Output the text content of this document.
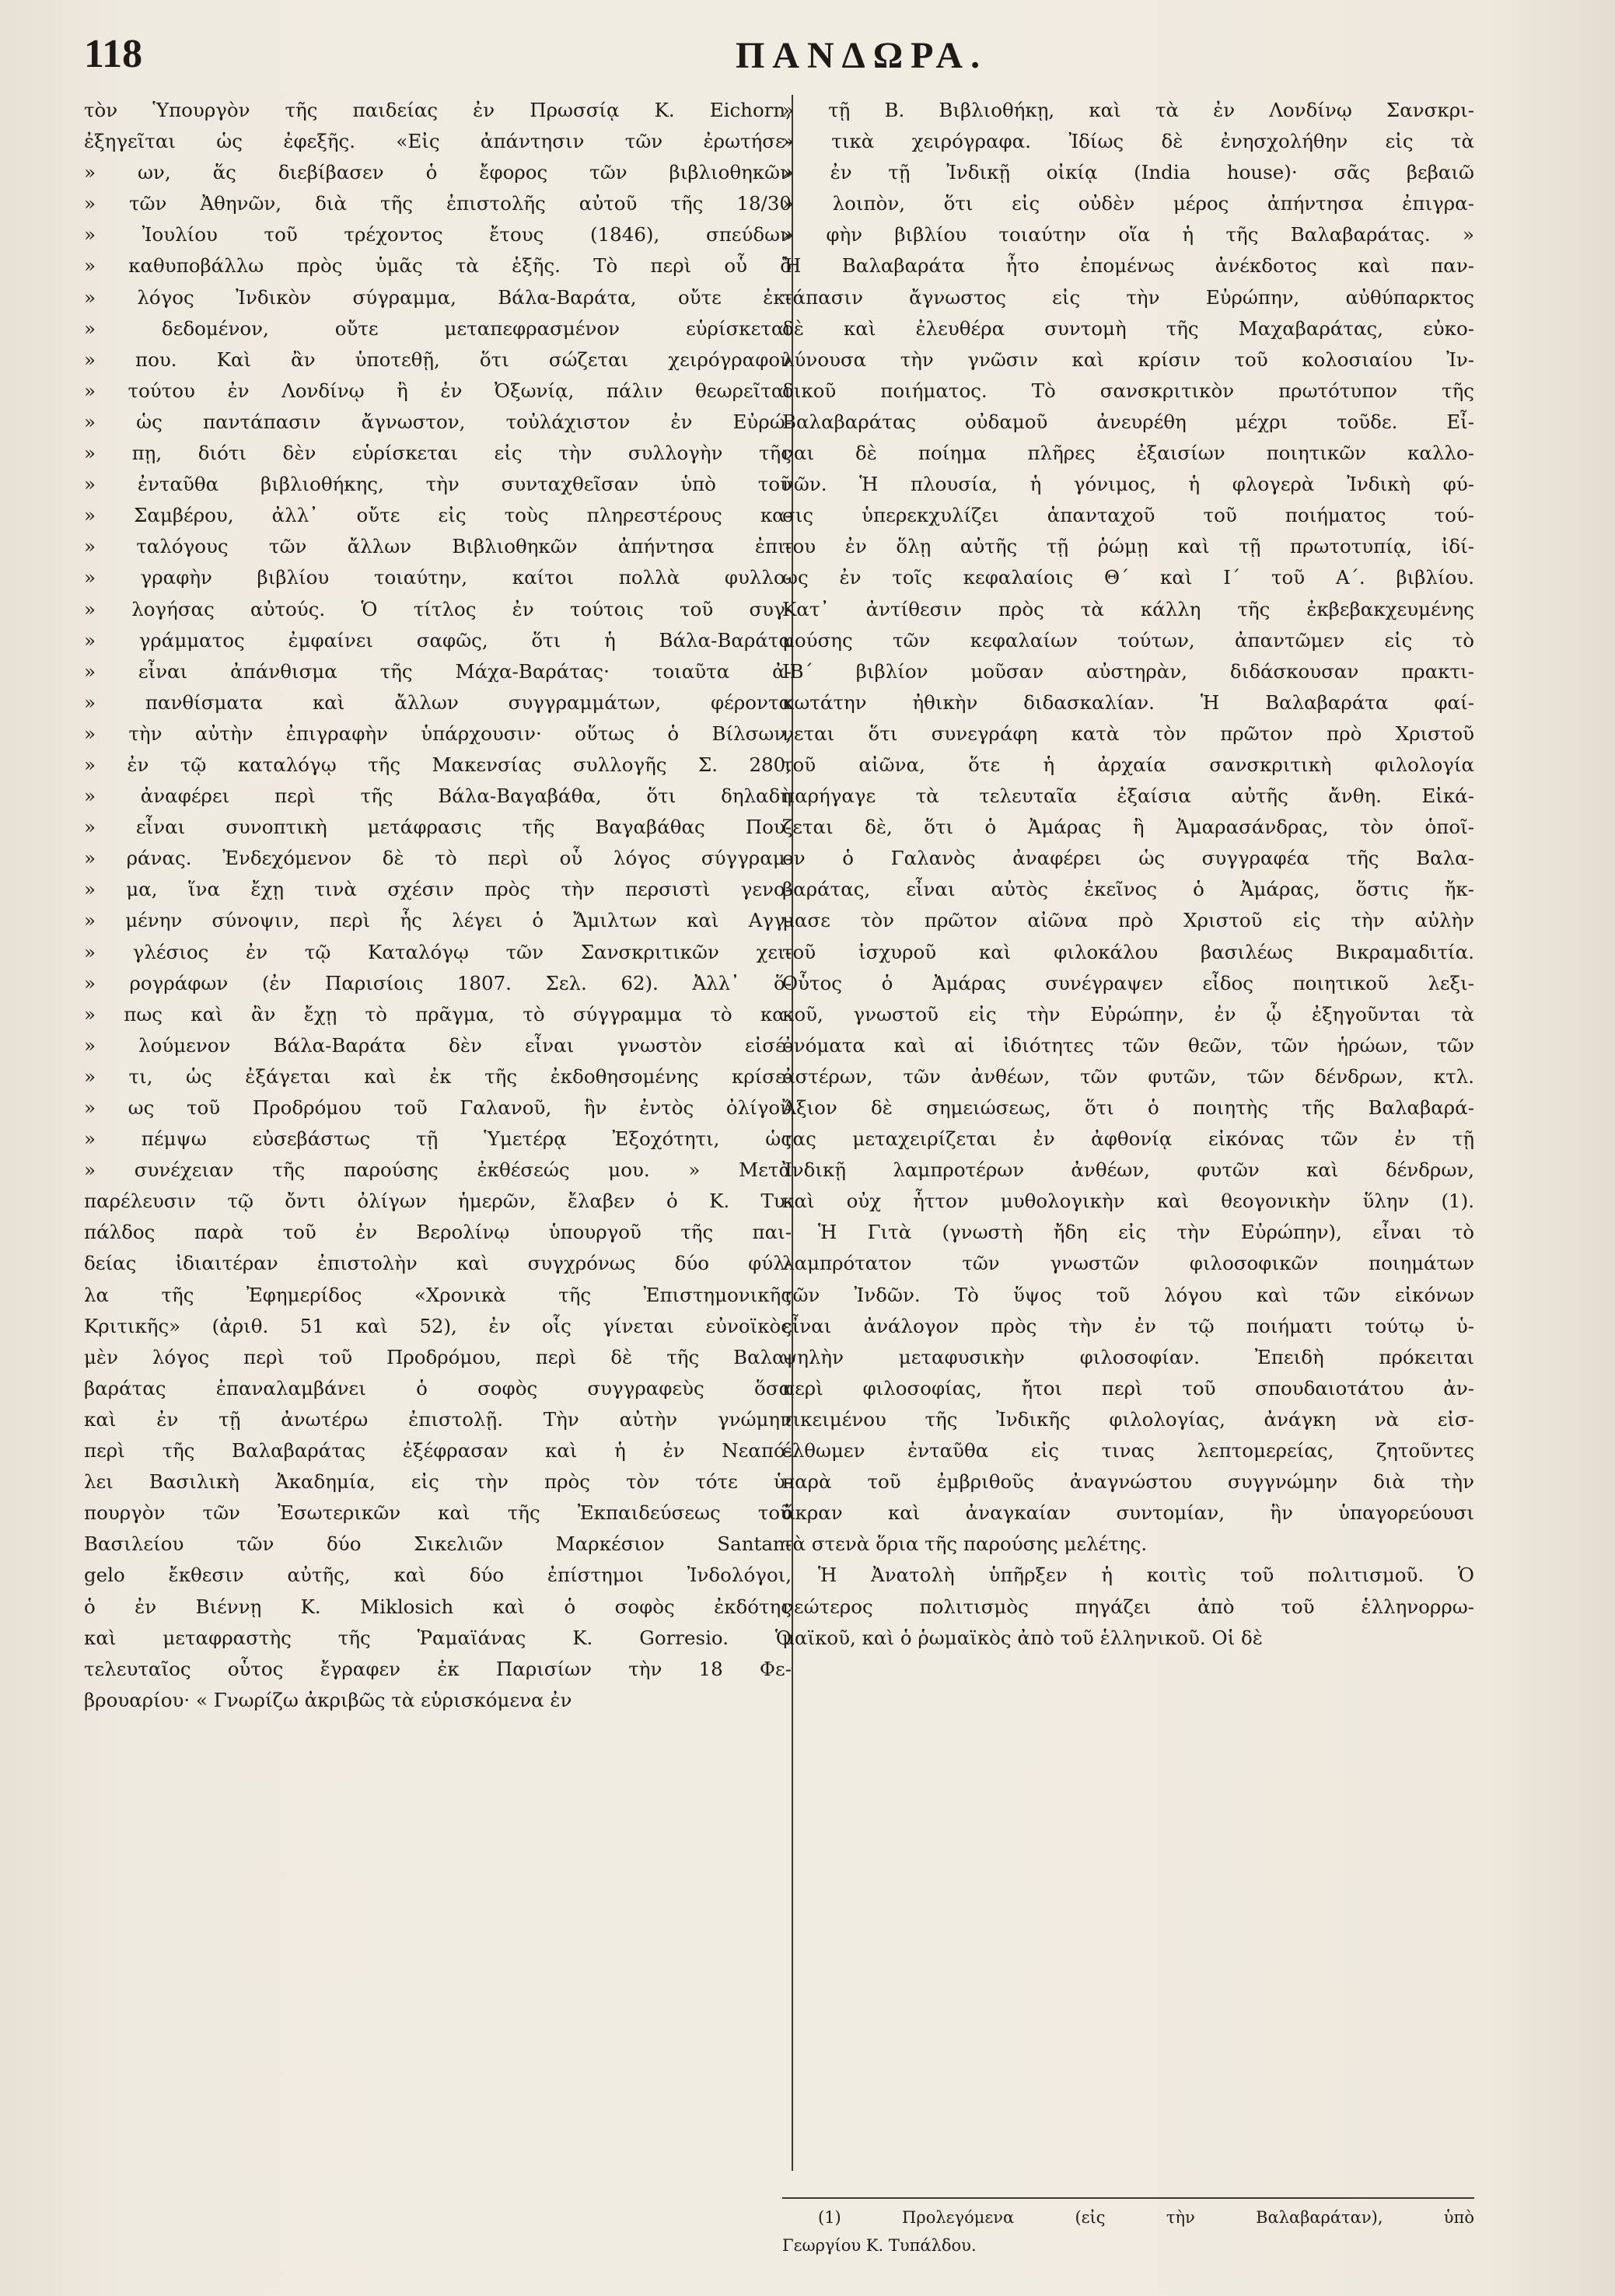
118	ΠΑΝΔΩΡΑ.
τὸν Ὑπουργὸν τῆς παιδείας ἐν Πρωσσίᾳ Κ. Eichorn,
ἐξηγεῖται ὡς ἐφεξῆς. «Εἰς ἀπάντησιν τῶν ἐρωτήσε-
» ων, ἅς διεβίβασεν ὁ ἔφορος τῶν βιβλιοθηκῶν
» τῶν Ἀθηνῶν, διὰ τῆς ἐπιστολῆς αὐτοῦ τῆς 18/30
» Ἰουλίου τοῦ τρέχοντος ἔτους (1846), σπεύδων
» καθυποβάλλω πρὸς ὑμᾶς τὰ ἑξῆς. Τὸ περὶ οὗ ὁ
» λόγος Ἰνδικὸν σύγραμμα, Βάλα-Βαράτα, οὔτε ἐκ-
» δεδομένον, οὔτε μεταπεφρασμένον εὑρίσκεται
» που. Καὶ ἂν ὑποτεθῇ, ὅτι σώζεται χειρόγραφον
» τούτου ἐν Λονδίνῳ ἢ ἐν Ὀξωνίᾳ, πάλιν θεωρεῖται
» ὡς παντάπασιν ἄγνωστον, τοὐλάχιστον ἐν Εὐρώ-
» πῃ, διότι δὲν εὑρίσκεται εἰς τὴν συλλογὴν τῆς
» ἐνταῦθα βιβλιοθήκης, τὴν συνταχθεῖσαν ὑπὸ τοῦ
» Σαμβέρου, ἀλλ᾽ οὔτε εἰς τοὺς πληρεστέρους κα-
» ταλόγους τῶν ἄλλων Βιβλιοθηκῶν ἀπήντησα ἐπι-
» γραφὴν βιβλίου τοιαύτην, καίτοι πολλὰ φυλλο-
» λογήσας αὐτούς. Ὁ τίτλος ἐν τούτοις τοῦ συγ-
» γράμματος ἐμφαίνει σαφῶς, ὅτι ἡ Βάλα-Βαράτα
» εἶναι ἀπάνθισμα τῆς Μάχα-Βαράτας· τοιαῦτα ἀ-
» πανθίσματα καὶ ἄλλων συγγραμμάτων, φέροντα
» τὴν αὐτὴν ἐπιγραφὴν ὑπάρχουσιν· οὕτως ὁ Βίλσων,
» ἐν τῷ καταλόγῳ τῆς Μακενσίας συλλογῆς Σ. 280,
» ἀναφέρει περὶ τῆς Βάλα-Βαγαβάθα, ὅτι δηλαδὴ
» εἶναι συνοπτικὴ μετάφρασις τῆς Βαγαβάθας Που-
» ράνας. Ἐνδεχόμενον δὲ τὸ περὶ οὗ λόγος σύγγραμ-
» μα, ἵνα ἔχῃ τινὰ σχέσιν πρὸς τὴν περσιστὶ γενο-
» μένην σύνοψιν, περὶ ἧς λέγει ὁ Ἄμιλτων καὶ Αγγ-
» γλέσιος ἐν τῷ Καταλόγῳ τῶν Σανσκριτικῶν χει-
» ρογράφων (ἐν Παρισίοις 1807. Σελ. 62). Ἀλλ᾽ ὅ-
» πως καὶ ἂν ἔχῃ τὸ πρᾶγμα, τὸ σύγγραμμα τὸ κα-
» λούμενον Βάλα-Βαράτα δὲν εἶναι γνωστὸν εἰσέ-
» τι, ὡς ἐξάγεται καὶ ἐκ τῆς ἐκδοθησομένης κρίσε-
» ως τοῦ Προδρόμου τοῦ Γαλανοῦ, ἣν ἐντὸς ὀλίγου
» πέμψω εὐσεβάστως τῇ Ὑμετέρᾳ Ἐξοχότητι, ὡς
» συνέχειαν τῆς παρούσης ἐκθέσεώς μου. » Μετὰ
παρέλευσιν τῷ ὄντι ὀλίγων ἡμερῶν, ἔλαβεν ὁ Κ. Τυ-
πάλδος παρὰ τοῦ ἐν Βερολίνῳ ὑπουργοῦ τῆς παι-
δείας ἰδιαιτέραν ἐπιστολὴν καὶ συγχρόνως δύο φύλ-
λα τῆς Ἐφημερίδος «Χρονικὰ τῆς Ἐπιστημονικῆς
Κριτικῆς» (ἀριθ. 51 καὶ 52), ἐν οἷς γίνεται εὐνοϊκὸς
μὲν λόγος περὶ τοῦ Προδρόμου, περὶ δὲ τῆς Βαλα-
βαράτας ἐπαναλαμβάνει ὁ σοφὸς συγγραφεὺς ὅσα
καὶ ἐν τῇ ἀνωτέρω ἐπιστολῇ. Τὴν αὐτὴν γνώμην
περὶ τῆς Βαλαβαράτας ἐξέφρασαν καὶ ἡ ἐν Νεαπό-
λει Βασιλικὴ Ἀκαδημία, εἰς τὴν πρὸς τὸν τότε ὑ-
πουργὸν τῶν Ἐσωτερικῶν καὶ τῆς Ἐκπαιδεύσεως τοῦ
Βασιλείου τῶν δύο Σικελιῶν Μαρκέσιον Santan-
gelo ἔκθεσιν αὐτῆς, καὶ δύο ἐπίστημοι Ἰνδολόγοι,
ὁ ἐν Βιέννῃ Κ. Miklosich καὶ ὁ σοφὸς ἐκδότης
καὶ μεταφραστὴς τῆς Ῥαμαϊάνας Κ. Gorresio. Ὁ
τελευταῖος οὗτος ἔγραφεν ἐκ Παρισίων τὴν 18 Φε-
βρουαρίου· « Γνωρίζω ἀκριβῶς τὰ εὑρισκόμενα ἐν
» τῇ Β. Βιβλιοθήκῃ, καὶ τὰ ἐν Λονδίνῳ Σανσκρι-
» τικὰ χειρόγραφα. Ἰδίως δὲ ἐνησχολήθην εἰς τὰ
» ἐν τῇ Ἰνδικῇ οἰκίᾳ (India house)· σᾶς βεβαιῶ
» λοιπὸν, ὅτι εἰς οὐδὲν μέρος ἀπήντησα ἐπιγρα-
» φὴν βιβλίου τοιαύτην οἵα ἡ τῆς Βαλαβαράτας. »
Ἡ Βαλαβαράτα ἦτο ἐπομένως ἀνέκδοτος καὶ παν-
τάπασιν ἄγνωστος εἰς τὴν Εὐρώπην, αὐθύπαρκτος
δὲ καὶ ἐλευθέρα συντομὴ τῆς Μαχαβαράτας, εὐκο-
λύνουσα τὴν γνῶσιν καὶ κρίσιν τοῦ κολοσιαίου Ἰν-
δικοῦ ποιήματος. Τὸ σανσκριτικὸν πρωτότυπον τῆς
Βαλαβαράτας οὐδαμοῦ ἀνευρέθη μέχρι τοῦδε. Εἶ-
ναι δὲ ποίημα πλῆρες ἐξαισίων ποιητικῶν καλλο-
νῶν. Ἡ πλουσία, ἡ γόνιμος, ἡ φλογερὰ Ἰνδικὴ φύ-
σις ὑπερεκχυλίζει ἁπανταχοῦ τοῦ ποιήματος τού-
του ἐν ὅλῃ αὐτῆς τῇ ῥώμῃ καὶ τῇ πρωτοτυπίᾳ, ἰδί-
ως ἐν τοῖς κεφαλαίοις Θ´ καὶ Ι´ τοῦ Α´. βιβλίου.
Κατ᾽ ἀντίθεσιν πρὸς τὰ κάλλη τῆς ἐκβεβακχευμένης
μούσης τῶν κεφαλαίων τούτων, ἀπαντῶμεν εἰς τὸ
ΙΒ´ βιβλίον μοῦσαν αὐστηρὰν, διδάσκουσαν πρακτι-
κωτάτην ἠθικὴν διδασκαλίαν. Ἡ Βαλαβαράτα φαί-
νεται ὅτι συνεγράφη κατὰ τὸν πρῶτον πρὸ Χριστοῦ
τοῦ αἰῶνα, ὅτε ἡ ἀρχαία σανσκριτικὴ φιλολογία
παρήγαγε τὰ τελευταῖα ἐξαίσια αὐτῆς ἄνθη. Εἰκά-
ζεται δὲ, ὅτι ὁ Ἀμάρας ἢ Ἀμαρασάνδρας, τὸν ὁποῖ-
ον ὁ Γαλανὸς ἀναφέρει ὡς συγγραφέα τῆς Βαλα-
βαράτας, εἶναι αὐτὸς ἐκεῖνος ὁ Ἀμάρας, ὅστις ἤκ-
μασε τὸν πρῶτον αἰῶνα πρὸ Χριστοῦ εἰς τὴν αὐλὴν
τοῦ ἰσχυροῦ καὶ φιλοκάλου βασιλέως Βικραμαδιτία.
Οὗτος ὁ Ἀμάρας συνέγραψεν εἶδος ποιητικοῦ λεξι-
κοῦ, γνωστοῦ εἰς τὴν Εὐρώπην, ἐν ᾧ ἐξηγοῦνται τὰ
ὀνόματα καὶ αἱ ἰδιότητες τῶν θεῶν, τῶν ἡρώων, τῶν
ἀστέρων, τῶν ἀνθέων, τῶν φυτῶν, τῶν δένδρων, κτλ.
Ἄξιον δὲ σημειώσεως, ὅτι ὁ ποιητὴς τῆς Βαλαβαρά-
τας μεταχειρίζεται ἐν ἀφθονίᾳ εἰκόνας τῶν ἐν τῇ
Ἰνδικῇ λαμπροτέρων ἀνθέων, φυτῶν καὶ δένδρων,
καὶ οὐχ ἧττον μυθολογικὴν καὶ θεογονικὴν ὕλην (1).
Ἡ Γιτὰ (γνωστὴ ἤδη εἰς τὴν Εὐρώπην), εἶναι τὸ
λαμπρότατον τῶν γνωστῶν φιλοσοφικῶν ποιημάτων
τῶν Ἰνδῶν. Τὸ ὕψος τοῦ λόγου καὶ τῶν εἰκόνων
εἶναι ἀνάλογον πρὸς τὴν ἐν τῷ ποιήματι τούτῳ ὑ-
ψηλὴν μεταφυσικὴν φιλοσοφίαν. Ἐπειδὴ πρόκειται
περὶ φιλοσοφίας, ἤτοι περὶ τοῦ σπουδαιοτάτου ἀν-
τικειμένου τῆς Ἰνδικῆς φιλολογίας, ἀνάγκη νὰ εἰσ-
έλθωμεν ἐνταῦθα εἰς τινας λεπτομερείας, ζητοῦντες
παρὰ τοῦ ἐμβριθοῦς ἀναγνώστου συγγνώμην διὰ τὴν
ἄκραν καὶ ἀναγκαίαν συντομίαν, ἣν ὑπαγορεύουσι
τὰ στενὰ ὅρια τῆς παρούσης μελέτης.
Ἡ Ἀνατολὴ ὑπῆρξεν ἡ κοιτὶς τοῦ πολιτισμοῦ. Ὁ
νεώτερος πολιτισμὸς πηγάζει ἀπὸ τοῦ ἑλληνορρω-
μαϊκοῦ, καὶ ὁ ῥωμαϊκὸς ἀπὸ τοῦ ἑλληνικοῦ. Οἱ δὲ
(1) Προλεγόμενα (εἰς τὴν Βαλαβαράταν), ὑπὸ
Γεωργίου Κ. Τυπάλδου.
